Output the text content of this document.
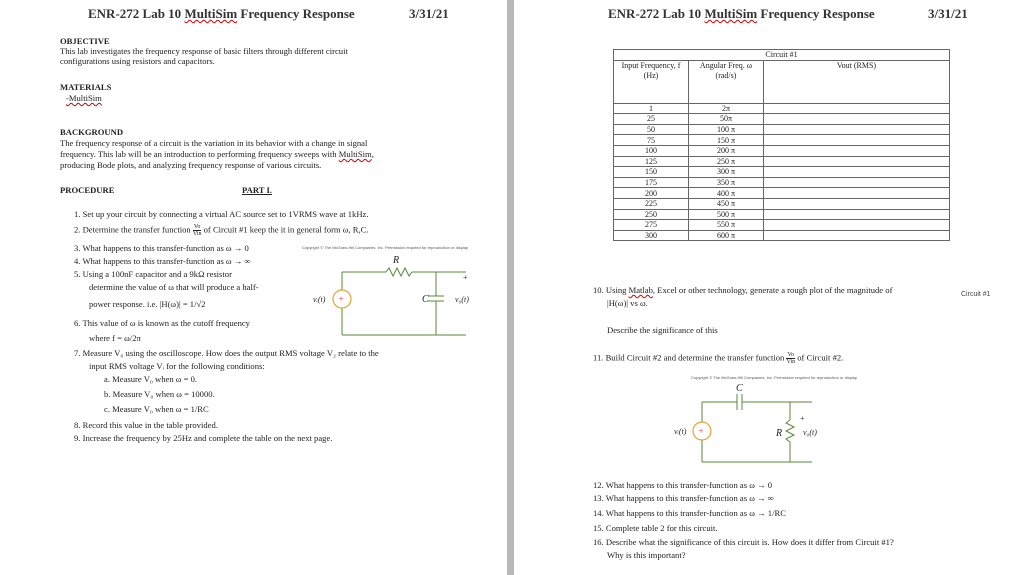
ENR-272 Lab 10 MultiSim Frequency Response	3/31/21
OBJECTIVE
This lab investigates the frequency response of basic filters through different circuit
configurations using resistors and capacitors.
MATERIALS
-MultiSim
BACKGROUND
The frequency response of a circuit is the variation in its behavior with a change in signal
frequency. This lab will be an introduction to performing frequency sweeps with MultiSim,
producing Bode plots, and analyzing frequency response of various circuits.
PROCEDURE	PART I.
1. Set up your circuit by connecting a virtual AC source set to 1VRMS wave at 1kHz.
2. Determine the transfer function Vo
Vin of Circuit #1 keep the it in general form ω, R,C.
3. What happens to this transfer-function as ω → 0
4. What happens to this transfer-function as ω → ∞
5. Using a 100nF capacitor and a 9kΩ resistor
determine the value of ω that will produce a half-
power response. i.e. |H(ω)| = 1/√2
6. This value of ω is known as the cutoff frequency
where f = ω/2π
7. Measure V₀ using the oscilloscope. How does the output RMS voltage V₂ relate to the
input RMS voltage Vᵢ for the following conditions:
a. Measure V₀ when ω = 0.
b. Measure V₀ when ω = 10000.
c. Measure V₀ when ω = 1/RC
8. Record this value in the table provided.
9. Increase the frequency by 25Hz and complete the table on the next page.
Copyright © The McGraw-Hill Companies, Inc. Permission required for reproduction or display
+
R
C
vᵢ(t)	v₀(t)
+
ENR-272 Lab 10 MultiSim Frequency Response	3/31/21
Circuit #1		
Input Frequency, f (Hz)	Angular Freq. ω (rad/s)	Vout (RMS)
1	2π	
25	50π	
50	100 π	
75	150 π	
100	200 π	
125	250 π	
150	300 π	
175	350 π	
200	400 π	
225	450 π	
250	500 π	
275	550 π	
300	600 π	
Circuit #1
10. Using Matlab, Excel or other technology, generate a rough plot of the magnitude of
|H(ω)| vs ω.
Describe the significance of this
11. Build Circuit #2 and determine the transfer function Vo
Vin of Circuit #2.
Copyright © The McGraw-Hill Companies, Inc. Permission required for reproduction or display
+
C
R
vᵢ(t)	v₀(t)
+
12. What happens to this transfer-function as ω → 0
13. What happens to this transfer-function as ω → ∞
14. What happens to this transfer-function as ω → 1/RC
15. Complete table 2 for this circuit.
16. Describe what the significance of this circuit is. How does it differ from Circuit #1?
Why is this important?
